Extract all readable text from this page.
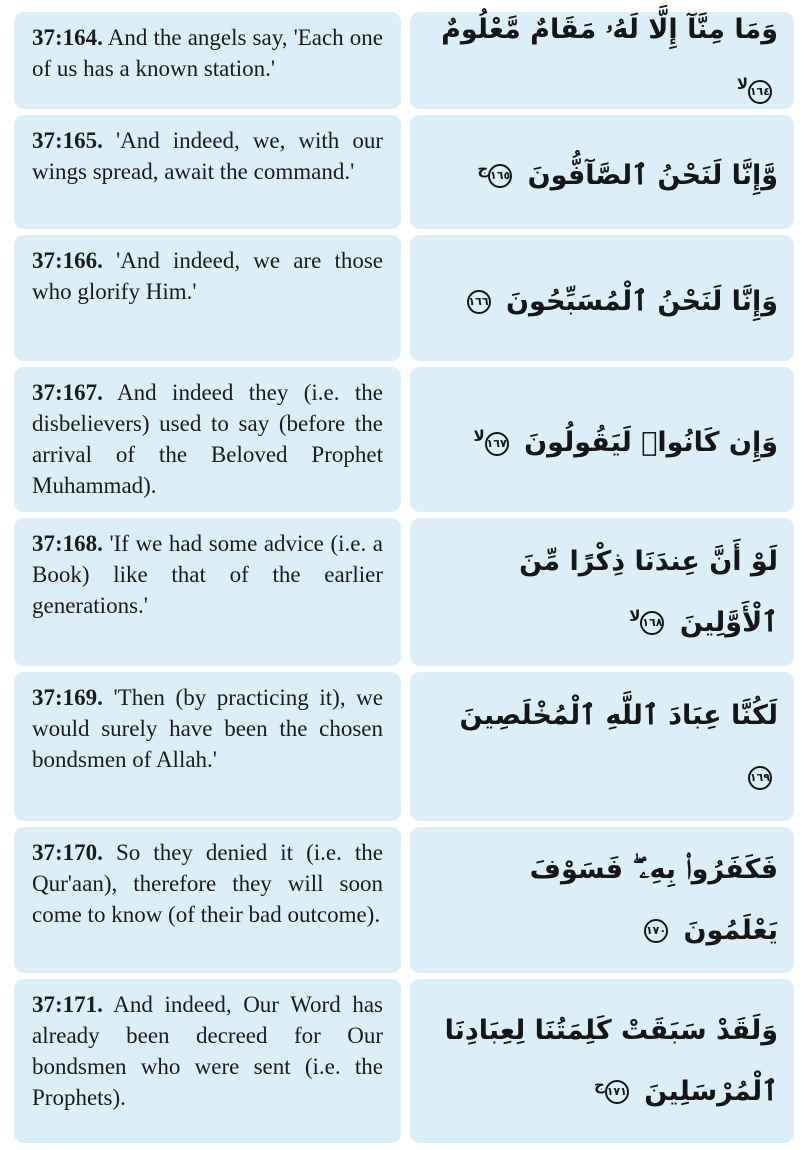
37:164. And the angels say, 'Each one of us has a known station.'

وَمَا مِنَّآ إِلَّا لَهُۥ مَقَامٌ مَّعْلُومٌ $١٦٤^{لا}$

37:165. 'And indeed, we, with our wings spread, await the command.'	وَّإِنَّا لَنَحْنُ ٱلصَّآفُّونَ $١٦٥^ج$

37:166. 'And indeed, we are those who glorify Him.'	وَإِنَّا لَنَحْنُ ٱلْمُسَبِّحُونَ ١٦٦

37:167. And indeed they (i.e. the disbelievers) used to say (before the arrival of the Beloved Prophet Muhammad).

وَإِن كَانُوا۟ لَيَقُولُونَ $١٦٧^{لا}$

37:168. 'If we had some advice (i.e. a Book) like that of the earlier generations.'

لَوْ أَنَّ عِندَنَا ذِكْرًا مِّنَ ٱلْأَوَّلِينَ $١٦٨^{لا}$

37:169. 'Then (by practicing it), we would surely have been the chosen bondsmen of Allah.'

لَكُنَّا عِبَادَ ٱللَّهِ ٱلْمُخْلَصِينَ ١٦٩

37:170. So they denied it (i.e. the Qur'aan), therefore they will soon come to know (of their bad outcome).

فَكَفَرُوا۟ بِهِۦ ۖ فَسَوْفَ يَعْلَمُونَ ١٧٠

37:171. And indeed, Our Word has already been decreed for Our bondsmen who were sent (i.e. the Prophets).

وَلَقَدْ سَبَقَتْ كَلِمَتُنَا لِعِبَادِنَا ٱلْمُرْسَلِينَ $١٧١^ج$
